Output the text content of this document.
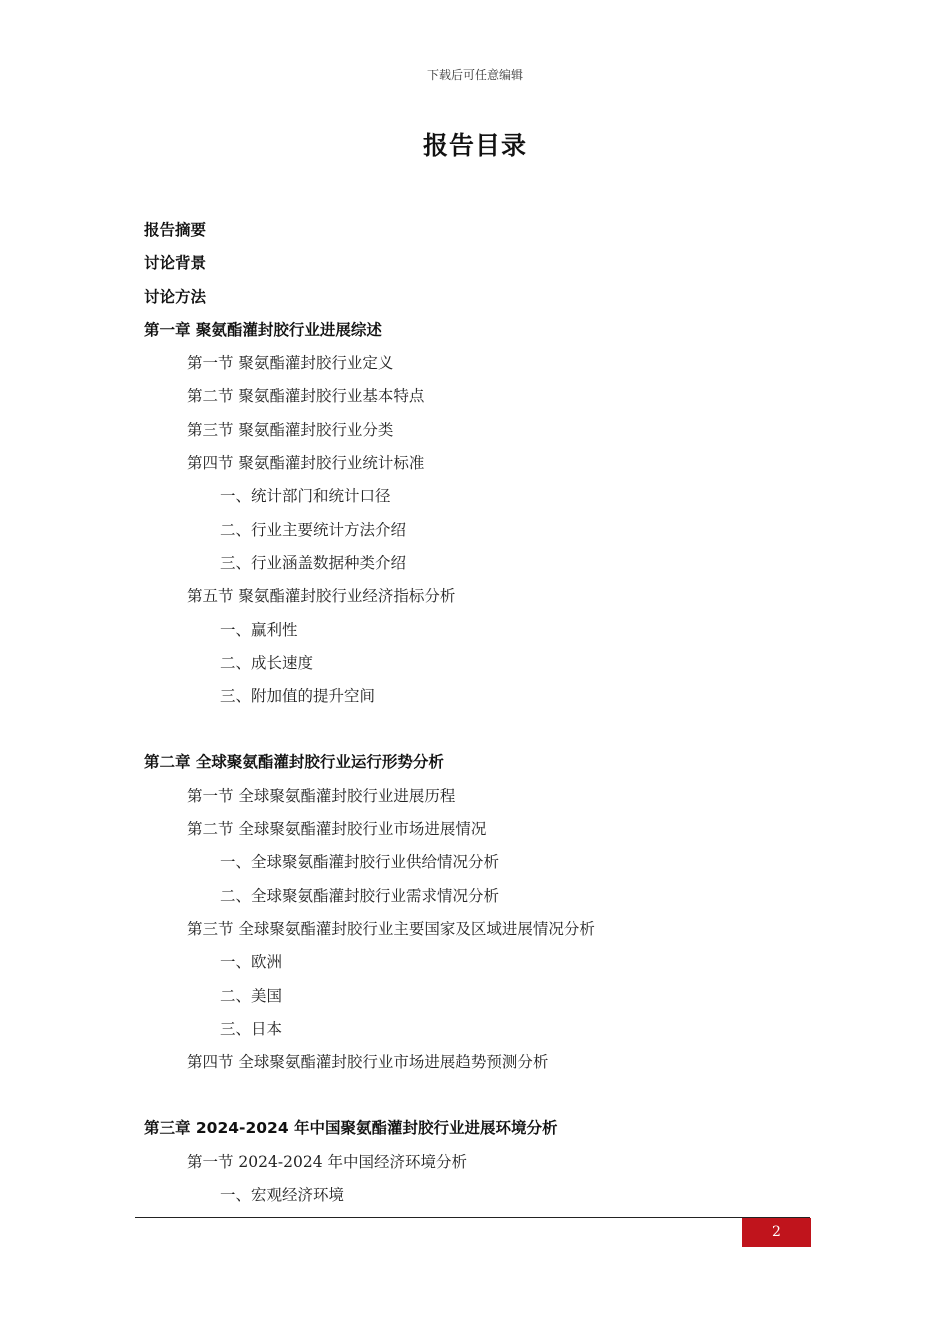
下载后可任意编辑
报告目录
报告摘要
讨论背景
讨论方法
第一章 聚氨酯灌封胶行业进展综述
第一节 聚氨酯灌封胶行业定义
第二节 聚氨酯灌封胶行业基本特点
第三节 聚氨酯灌封胶行业分类
第四节 聚氨酯灌封胶行业统计标准
一、统计部门和统计口径
二、行业主要统计方法介绍
三、行业涵盖数据种类介绍
第五节 聚氨酯灌封胶行业经济指标分析
一、赢利性
二、成长速度
三、附加值的提升空间
第二章 全球聚氨酯灌封胶行业运行形势分析
第一节 全球聚氨酯灌封胶行业进展历程
第二节 全球聚氨酯灌封胶行业市场进展情况
一、全球聚氨酯灌封胶行业供给情况分析
二、全球聚氨酯灌封胶行业需求情况分析
第三节 全球聚氨酯灌封胶行业主要国家及区域进展情况分析
一、欧洲
二、美国
三、日本
第四节 全球聚氨酯灌封胶行业市场进展趋势预测分析
第三章 2024-2024 年中国聚氨酯灌封胶行业进展环境分析
第一节 2024-2024 年中国经济环境分析
一、宏观经济环境
2
